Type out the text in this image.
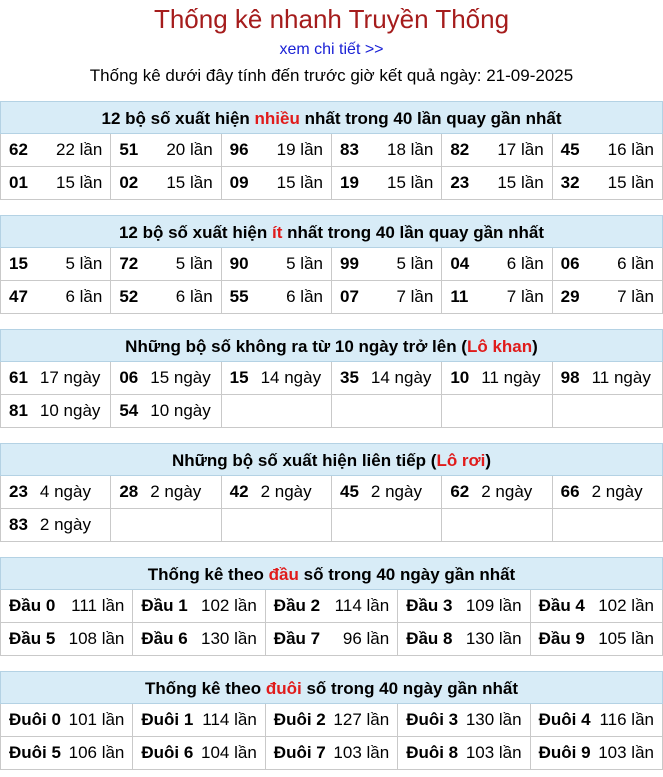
Thống kê nhanh Truyền Thống
xem chi tiết >>
Thống kê dưới đây tính đến trước giờ kết quả ngày: 21-09-2025
12 bộ số xuất hiện nhiều nhất trong 40 lần quay gần nhất
62 22 lần 51 20 lần 96 19 lần 83 18 lần 82 17 lần 45 16 lần
01 15 lần 02 15 lần 09 15 lần 19 15 lần 23 15 lần 32 15 lần
12 bộ số xuất hiện ít nhất trong 40 lần quay gần nhất
15 5 lần 72 5 lần 90 5 lần 99 5 lần 04 6 lần 06 6 lần
47 6 lần 52 6 lần 55 6 lần 07 7 lần 11 7 lần 29 7 lần
Những bộ số không ra từ 10 ngày trở lên (Lô khan)
61 17 ngày 06 15 ngày 15 14 ngày 35 14 ngày 10 11 ngày 98 11 ngày
81 10 ngày 54 10 ngày
Những bộ số xuất hiện liên tiếp (Lô rơi)
23 4 ngày 28 2 ngày 42 2 ngày 45 2 ngày 62 2 ngày 66 2 ngày
83 2 ngày
Thống kê theo đầu số trong 40 ngày gần nhất
Đầu 0 111 lần Đầu 1 102 lần Đầu 2 114 lần Đầu 3 109 lần Đầu 4 102 lần
Đầu 5 108 lần Đầu 6 130 lần Đầu 7 96 lần Đầu 8 130 lần Đầu 9 105 lần
Thống kê theo đuôi số trong 40 ngày gần nhất
Đuôi 0 101 lần Đuôi 1 114 lần Đuôi 2 127 lần Đuôi 3 130 lần Đuôi 4 116 lần
Đuôi 5 106 lần Đuôi 6 104 lần Đuôi 7 103 lần Đuôi 8 103 lần Đuôi 9 103 lần
